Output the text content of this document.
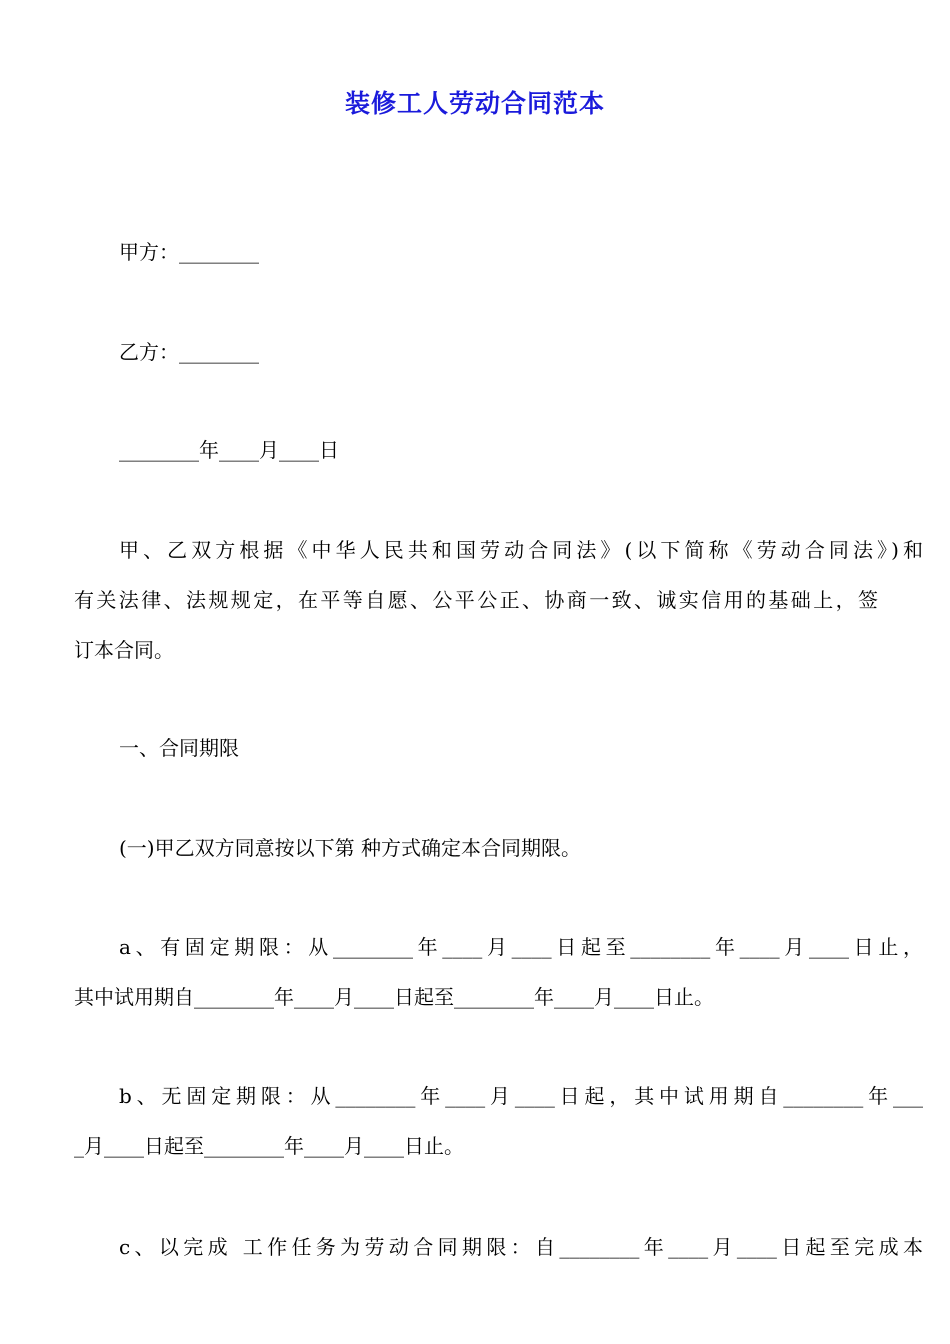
装修工人劳动合同范本
甲方：________
乙方：________
________年____月____日
甲、乙双方根据《中华人民共和国劳动合同法》(以下简称《劳动合同法》)和
有关法律、法规规定，在平等自愿、公平公正、协商一致、诚实信用的基础上，签
订本合同。
一、合同期限
(一)甲乙双方同意按以下第 种方式确定本合同期限。
a、有固定期限：从________年____月____日起至________年____月____日止，
其中试用期自________年____月____日起至________年____月____日止。
b、无固定期限：从________年____月____日起，其中试用期自________年___
_月____日起至________年____月____日止。
c、以完成 工作任务为劳动合同期限：自________年____月____日起至完成本
